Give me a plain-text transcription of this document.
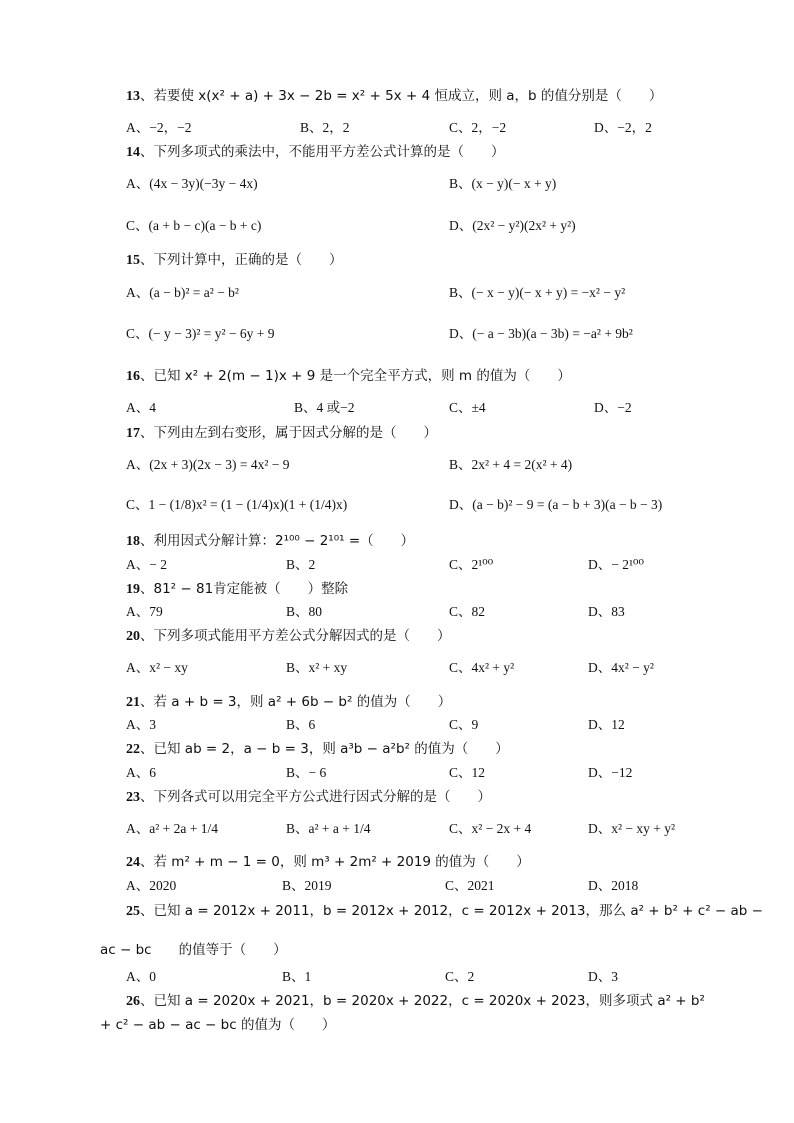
13、若要使 x(x² + a) + 3x − 2b = x² + 5x + 4 恒成立，则 a，b 的值分别是（　　）
A、−2，−2	B、2，2	C、2，−2	D、−2，2
14、下列多项式的乘法中，不能用平方差公式计算的是（　　）
A、(4x − 3y)(−3y − 4x)	B、(x − y)(− x + y)
C、(a + b − c)(a − b + c)	D、(2x² − y²)(2x² + y²)
15、下列计算中，正确的是（　　）
A、(a − b)² = a² − b²	B、(− x − y)(− x + y) = −x² − y²
C、(− y − 3)² = y² − 6y + 9	D、(− a − 3b)(a − 3b) = −a² + 9b²
16、已知 x² + 2(m − 1)x + 9 是一个完全平方式，则 m 的值为（　　）
A、4	B、4 或−2	C、±4	D、−2
17、下列由左到右变形，属于因式分解的是（　　）
A、(2x + 3)(2x − 3) = 4x² − 9	B、2x² + 4 = 2(x² + 4)
C、1 − (1/8)x² = (1 − (1/4)x)(1 + (1/4)x)	D、(a − b)² − 9 = (a − b + 3)(a − b − 3)
18、利用因式分解计算：2¹⁰⁰ − 2¹⁰¹ =（　　）
A、− 2	B、2	C、2¹⁰⁰	D、− 2¹⁰⁰
19、81² − 81肯定能被（　　）整除
A、79	B、80	C、82	D、83
20、下列多项式能用平方差公式分解因式的是（　　）
A、x² − xy	B、x² + xy	C、4x² + y²	D、4x² − y²
21、若 a + b = 3，则 a² + 6b − b² 的值为（　　）
A、3	B、6	C、9	D、12
22、已知 ab = 2，a − b = 3，则 a³b − a²b² 的值为（　　）
A、6	B、− 6	C、12	D、−12
23、下列各式可以用完全平方公式进行因式分解的是（　　）
A、a² + 2a + 1/4	B、a² + a + 1/4	C、x² − 2x + 4	D、x² − xy + y²
24、若 m² + m − 1 = 0，则 m³ + 2m² + 2019 的值为（　　）
A、2020	B、2019	C、2021	D、2018
25、已知 a = 2012x + 2011，b = 2012x + 2012，c = 2012x + 2013，那么 a² + b² + c² − ab −
ac − bc　　的值等于（　　）
A、0	B、1	C、2	D、3
26、已知 a = 2020x + 2021，b = 2020x + 2022，c = 2020x + 2023，则多项式 a² + b²
+ c² − ab − ac − bc 的值为（　　）
